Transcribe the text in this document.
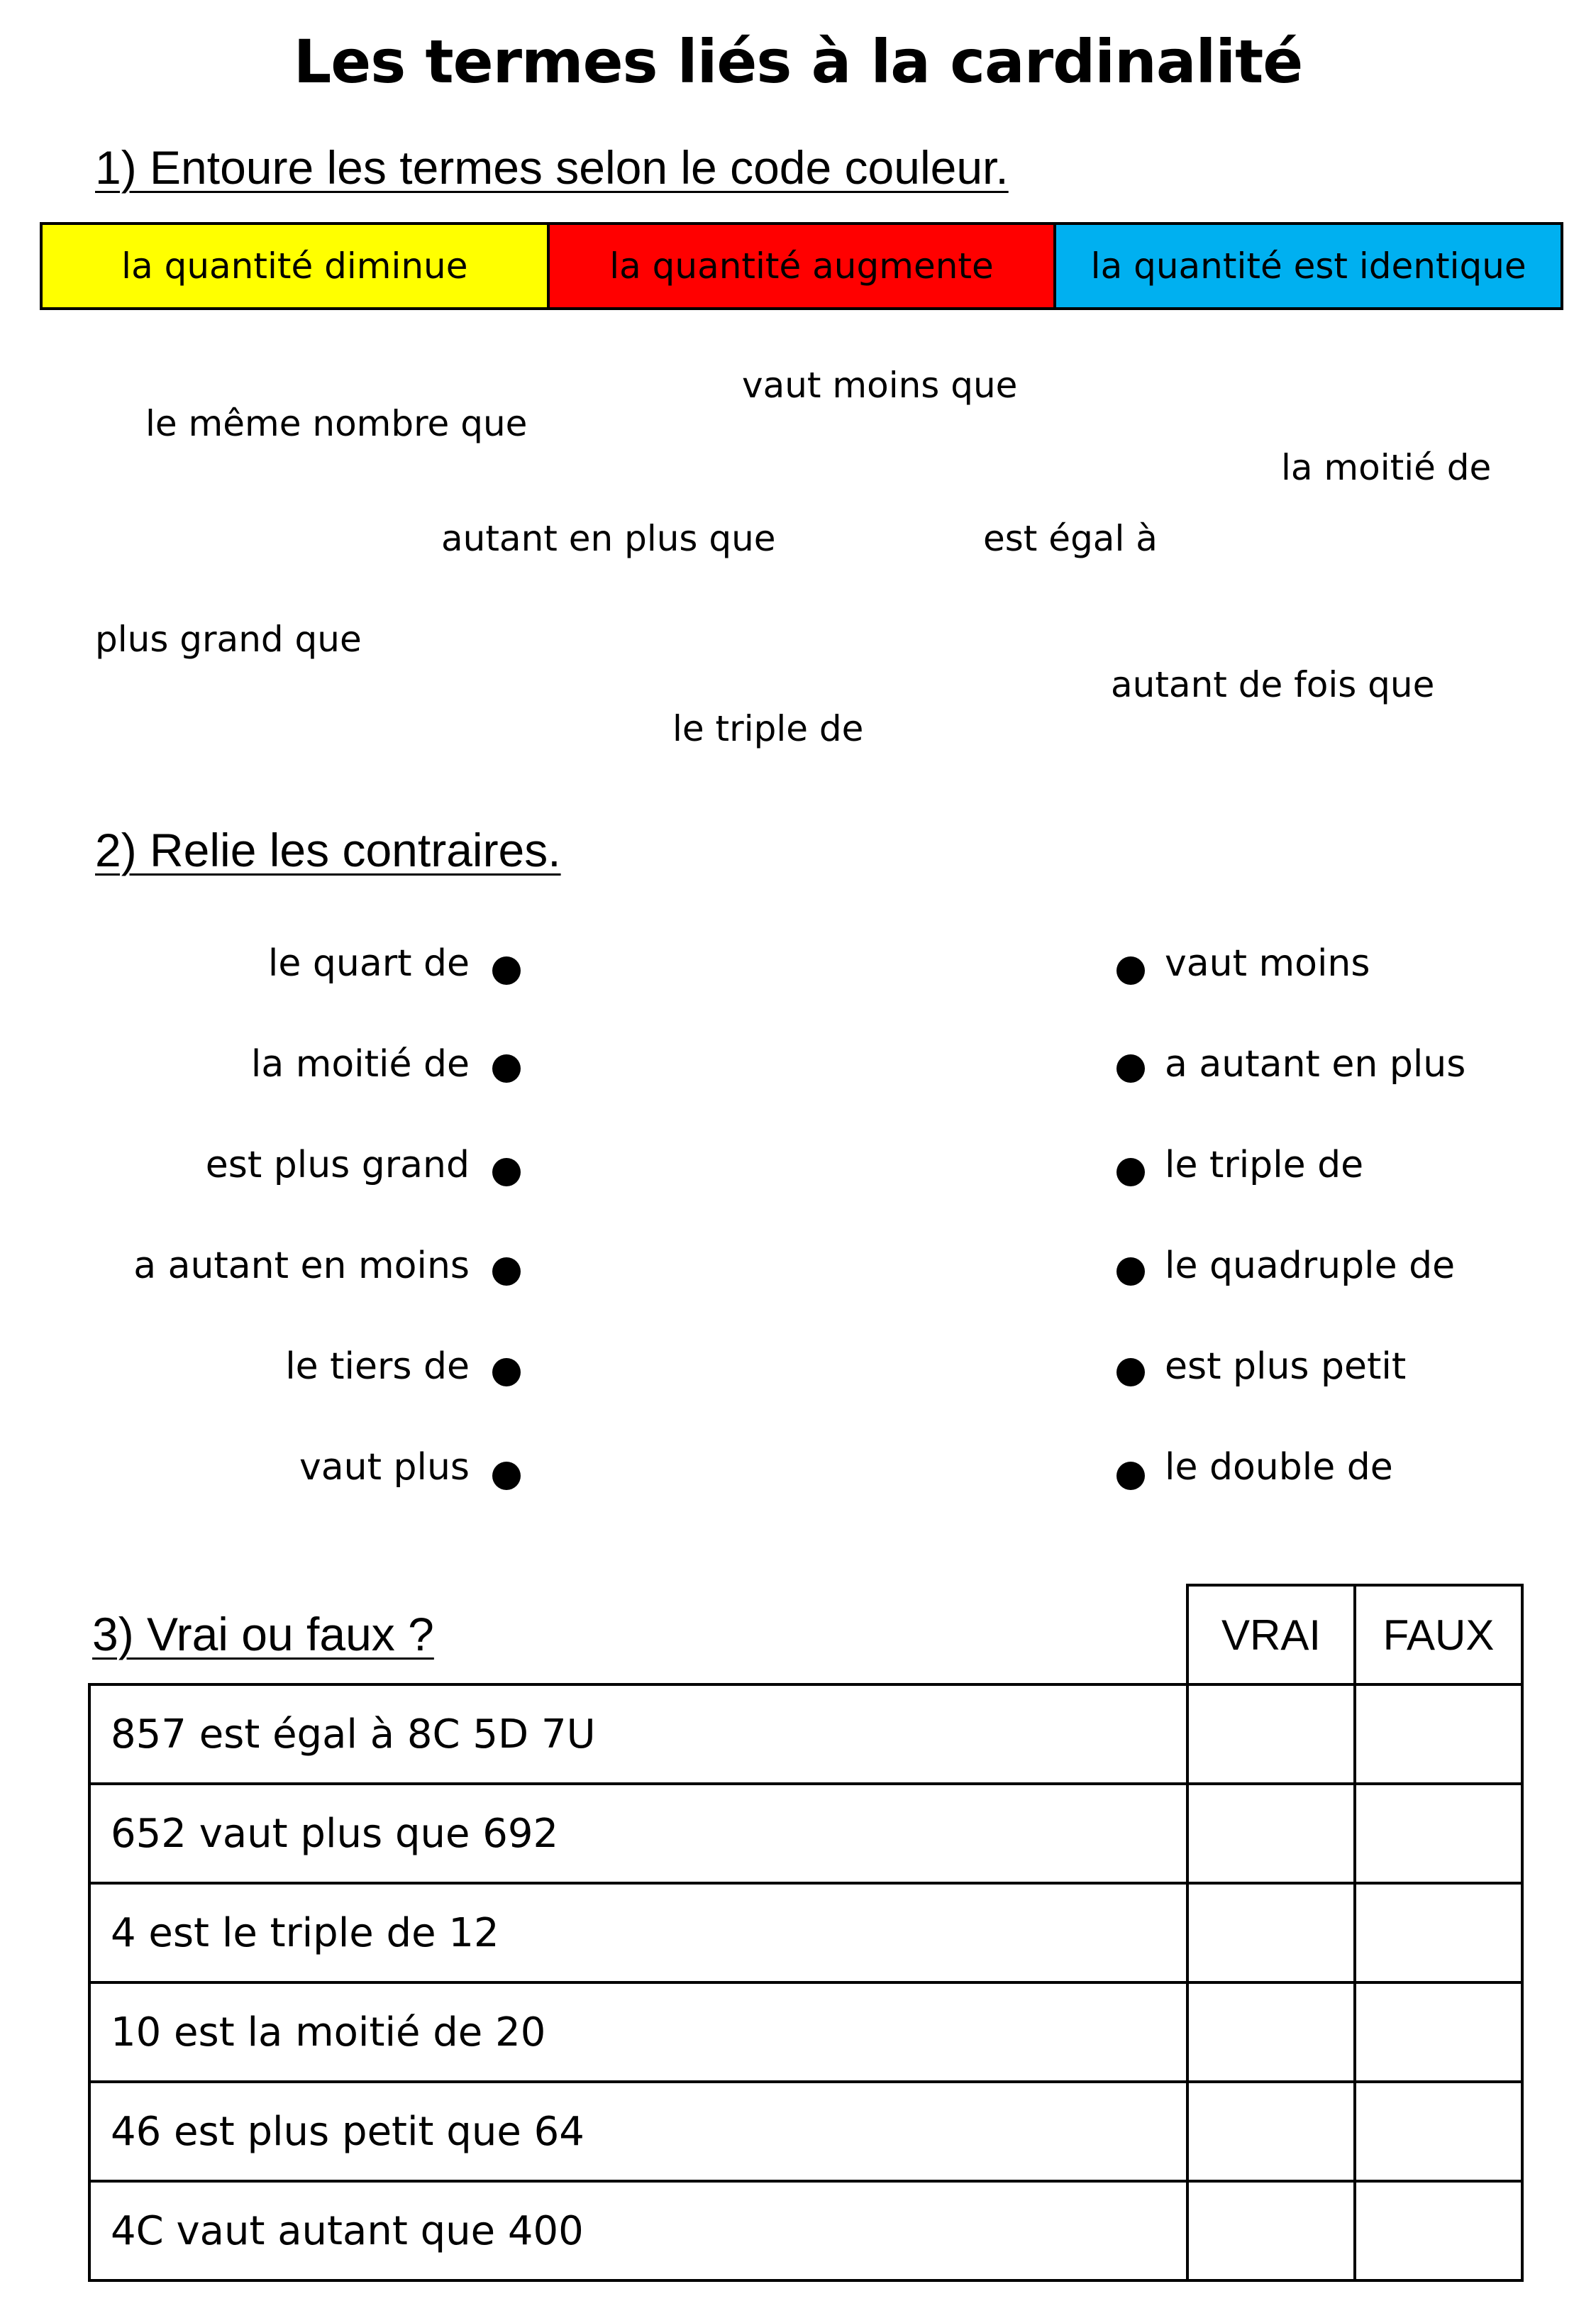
Les termes liés à la cardinalité
1) Entoure les termes selon le code couleur.
la quantité diminue	la quantité augmente	la quantité est identique
vaut moins que
le même nombre que
la moitié de
autant en plus que	est égal à
plus grand que
autant de fois que
le triple de
2) Relie les contraires.
le quart de
la moitié de
est plus grand
a autant en moins
le tiers de
vaut plus
vaut moins
a autant en plus
le triple de
le quadruple de
est plus petit
le double de
3) Vrai ou faux ?	VRAI	FAUX
857 est égal à 8C 5D 7U		
652 vaut plus que 692		
4 est le triple de 12		
10 est la moitié de 20		
46 est plus petit que 64		
4C vaut autant que 400		
